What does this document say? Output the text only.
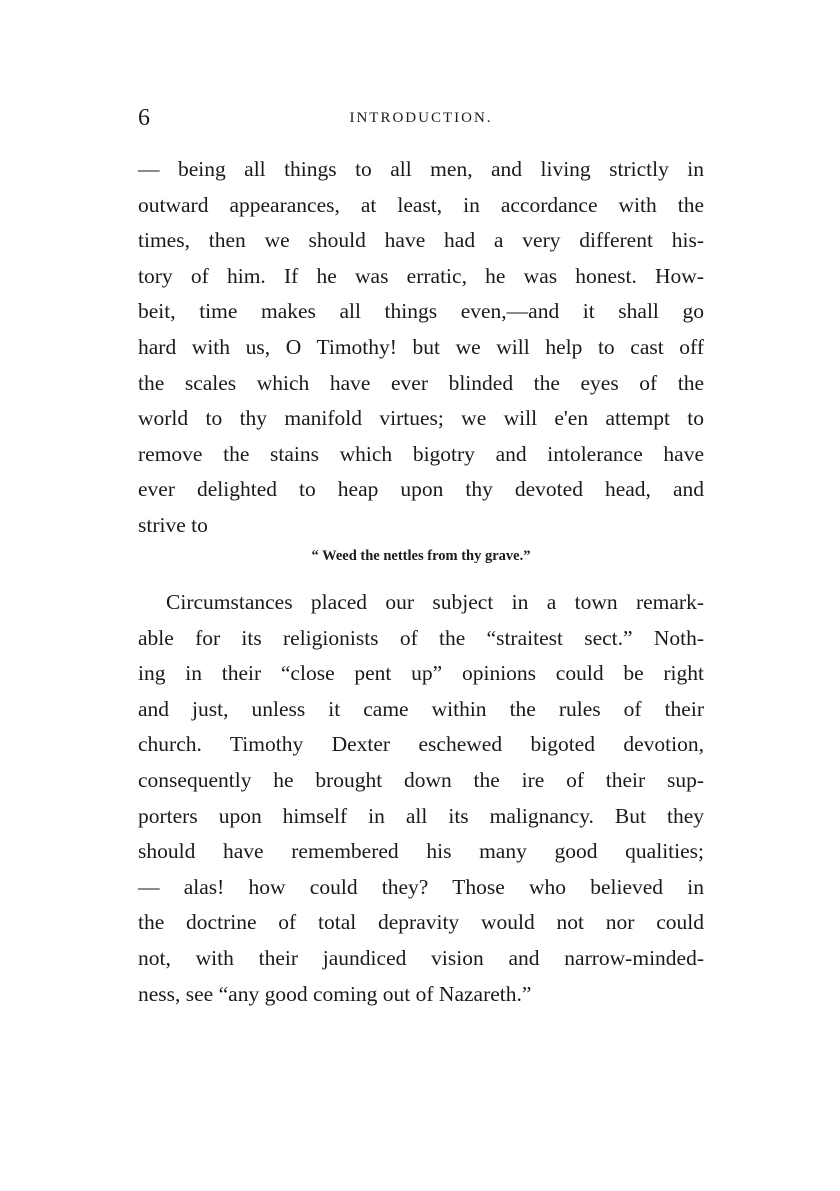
6	INTRODUCTION.
— being all things to all men, and living strictly in
outward appearances, at least, in accordance with the
times, then we should have had a very different his-
tory of him. If he was erratic, he was honest. How-
beit, time makes all things even,—and it shall go
hard with us, O Timothy! but we will help to cast off
the scales which have ever blinded the eyes of the
world to thy manifold virtues; we will e'en attempt to
remove the stains which bigotry and intolerance have
ever delighted to heap upon thy devoted head, and
strive to
“ Weed the nettles from thy grave.”
Circumstances placed our subject in a town remark-
able for its religionists of the “straitest sect.” Noth-
ing in their “close pent up” opinions could be right
and just, unless it came within the rules of their
church. Timothy Dexter eschewed bigoted devotion,
consequently he brought down the ire of their sup-
porters upon himself in all its malignancy. But they
should have remembered his many good qualities;
— alas! how could they? Those who believed in
the doctrine of total depravity would not nor could
not, with their jaundiced vision and narrow-minded-
ness, see “any good coming out of Nazareth.”
